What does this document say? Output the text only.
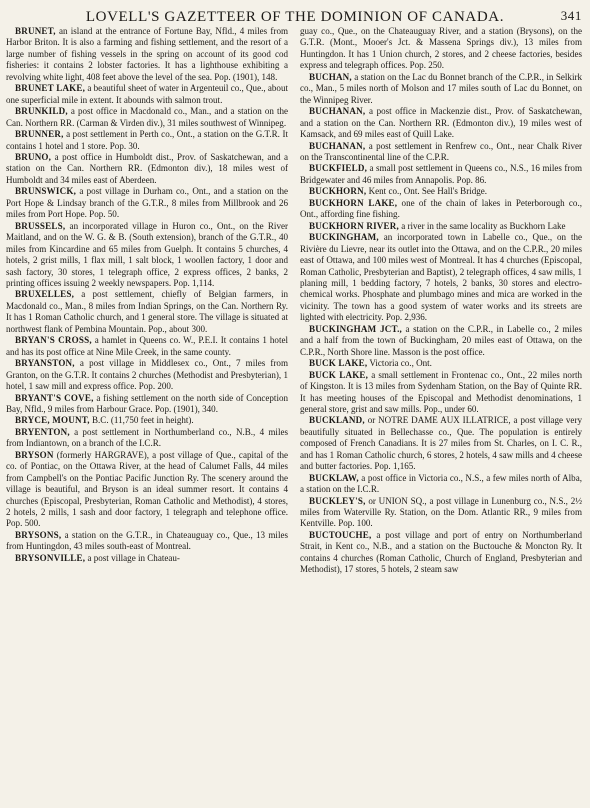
LOVELL'S GAZETTEER OF THE DOMINION OF CANADA.	341

BRUNET, an island at the entrance of Fortune Bay, Nfld., 4 miles from Harbor Briton. It is also a farming and fishing settlement, and the resort of a large number of fishing vessels in the spring on account of its good cod fisheries: it contains 2 lobster factories. It has a lighthouse exhibiting a revolving white light, 408 feet above the level of the sea. Pop. (1901), 148.

BRUNET LAKE, a beautiful sheet of water in Argenteuil co., Que., about one superficial mile in extent. It abounds with salmon trout.

BRUNKILD, a post office in Macdonald co., Man., and a station on the Can. Northern RR. (Carman & Virden div.), 31 miles southwest of Winnipeg.

BRUNNER, a post settlement in Perth co., Ont., a station on the G.T.R. It contains 1 hotel and 1 store. Pop. 30.

BRUNO, a post office in Humboldt dist., Prov. of Saskatchewan, and a station on the Can. Northern RR. (Edmonton div.), 18 miles west of Humboldt and 34 miles east of Aberdeen.

BRUNSWICK, a post village in Durham co., Ont., and a station on the Port Hope & Lindsay branch of the G.T.R., 8 miles from Millbrook and 26 miles from Port Hope. Pop. 50.

BRUSSELS, an incorporated village in Huron co., Ont., on the River Maitland, and on the W. G. & B. (South extension), branch of the G.T.R., 40 miles from Kincardine and 65 miles from Guelph. It contains 5 churches, 4 hotels, 2 grist mills, 1 flax mill, 1 salt block, 1 woollen factory, 1 door and sash factory, 30 stores, 1 telegraph office, 2 express offices, 2 banks, 2 printing offices issuing 2 weekly newspapers. Pop. 1,114.

BRUXELLES, a post settlement, chiefly of Belgian farmers, in Macdonald co., Man., 8 miles from Indian Springs, on the Can. Northern Ry. It has 1 Roman Catholic church, and 1 general store. The village is situated at northwest flank of Pembina Mountain. Pop., about 300.

BRYAN'S CROSS, a hamlet in Queens co. W., P.E.I. It contains 1 hotel and has its post office at Nine Mile Creek, in the same county.

BRYANSTON, a post village in Middlesex co., Ont., 7 miles from Granton, on the G.T.R. It contains 2 churches (Methodist and Presbyterian), 1 hotel, 1 saw mill and express office. Pop. 200.

BRYANT'S COVE, a fishing settlement on the north side of Conception Bay, Nfld., 9 miles from Harbour Grace. Pop. (1901), 340.

BRYCE, MOUNT, B.C. (11,750 feet in height).

BRYENTON, a post settlement in Northumberland co., N.B., 4 miles from Indiantown, on a branch of the I.C.R.

BRYSON (formerly HARGRAVE), a post village of Que., capital of the co. of Pontiac, on the Ottawa River, at the head of Calumet Falls, 44 miles from Campbell's on the Pontiac Pacific Junction Ry. The scenery around the village is beautiful, and Bryson is an ideal summer resort. It contains 4 churches (Episcopal, Presbyterian, Roman Catholic and Methodist), 4 stores, 2 hotels, 2 mills, 1 sash and door factory, 1 telegraph and telephone office. Pop. 500.

BRYSONS, a station on the G.T.R., in Chateauguay co., Que., 13 miles from Huntingdon, 43 miles south-east of Montreal.

BRYSONVILLE, a post village in Chateau-

guay co., Que., on the Chateauguay River, and a station (Brysons), on the G.T.R. (Mont., Mooer's Jct. & Massena Springs div.), 13 miles from Huntingdon. It has 1 Union church, 2 stores, and 2 cheese factories, besides express and telegraph offices. Pop. 250.

BUCHAN, a station on the Lac du Bonnet branch of the C.P.R., in Selkirk co., Man., 5 miles north of Molson and 17 miles south of Lac du Bonnet, on the Winnipeg River.

BUCHANAN, a post office in Mackenzie dist., Prov. of Saskatchewan, and a station on the Can. Northern RR. (Edmonton div.), 19 miles west of Kamsack, and 69 miles east of Quill Lake.

BUCHANAN, a post settlement in Renfrew co., Ont., near Chalk River on the Transcontinental line of the C.P.R.

BUCKFIELD, a small post settlement in Queens co., N.S., 16 miles from Bridgewater and 46 miles from Annapolis. Pop. 86.

BUCKHORN, Kent co., Ont. See Hall's Bridge.

BUCKHORN LAKE, one of the chain of lakes in Peterborough co., Ont., affording fine fishing.

BUCKHORN RIVER, a river in the same locality as Buckhorn Lake

BUCKINGHAM, an incorporated town in Labelle co., Que., on the Rivière du Lievre, near its outlet into the Ottawa, and on the C.P.R., 20 miles east of Ottawa, and 100 miles west of Montreal. It has 4 churches (Episcopal, Roman Catholic, Presbyterian and Baptist), 2 telegraph offices, 4 saw mills, 1 planing mill, 1 bedding factory, 7 hotels, 2 banks, 30 stores and electro-chemical works. Phosphate and plumbago mines and mica are worked in the vicinity. The town has a good system of water works and its streets are lighted with electricity. Pop. 2,936.

BUCKINGHAM JCT., a station on the C.P.R., in Labelle co., 2 miles and a half from the town of Buckingham, 20 miles east of Ottawa, on the C.P.R., North Shore line. Masson is the post office.

BUCK LAKE, Victoria co., Ont.

BUCK LAKE, a small settlement in Frontenac co., Ont., 22 miles north of Kingston. It is 13 miles from Sydenham Station, on the Bay of Quinte RR. It has meeting houses of the Episcopal and Methodist denominations, 1 general store, grist and saw mills. Pop., under 60.

BUCKLAND, or NOTRE DAME AUX ILLATRICE, a post village very beautifully situated in Bellechasse co., Que. The population is entirely composed of French Canadians. It is 27 miles from St. Charles, on I. C. R., and has 1 Roman Catholic church, 6 stores, 2 hotels, 4 saw mills and 4 cheese and butter factories. Pop. 1,165.

BUCKLAW, a post office in Victoria co., N.S., a few miles north of Alba, a station on the I.C.R.

BUCKLEY'S, or UNION SQ., a post village in Lunenburg co., N.S., 2½ miles from Waterville Ry. Station, on the Dom. Atlantic RR., 9 miles from Kentville. Pop. 100.

BUCTOUCHE, a post village and port of entry on Northumberland Strait, in Kent co., N.B., and a station on the Buctouche & Moncton Ry. It contains 4 churches (Roman Catholic, Church of England, Presbyterian and Methodist), 17 stores, 5 hotels, 2 steam saw
